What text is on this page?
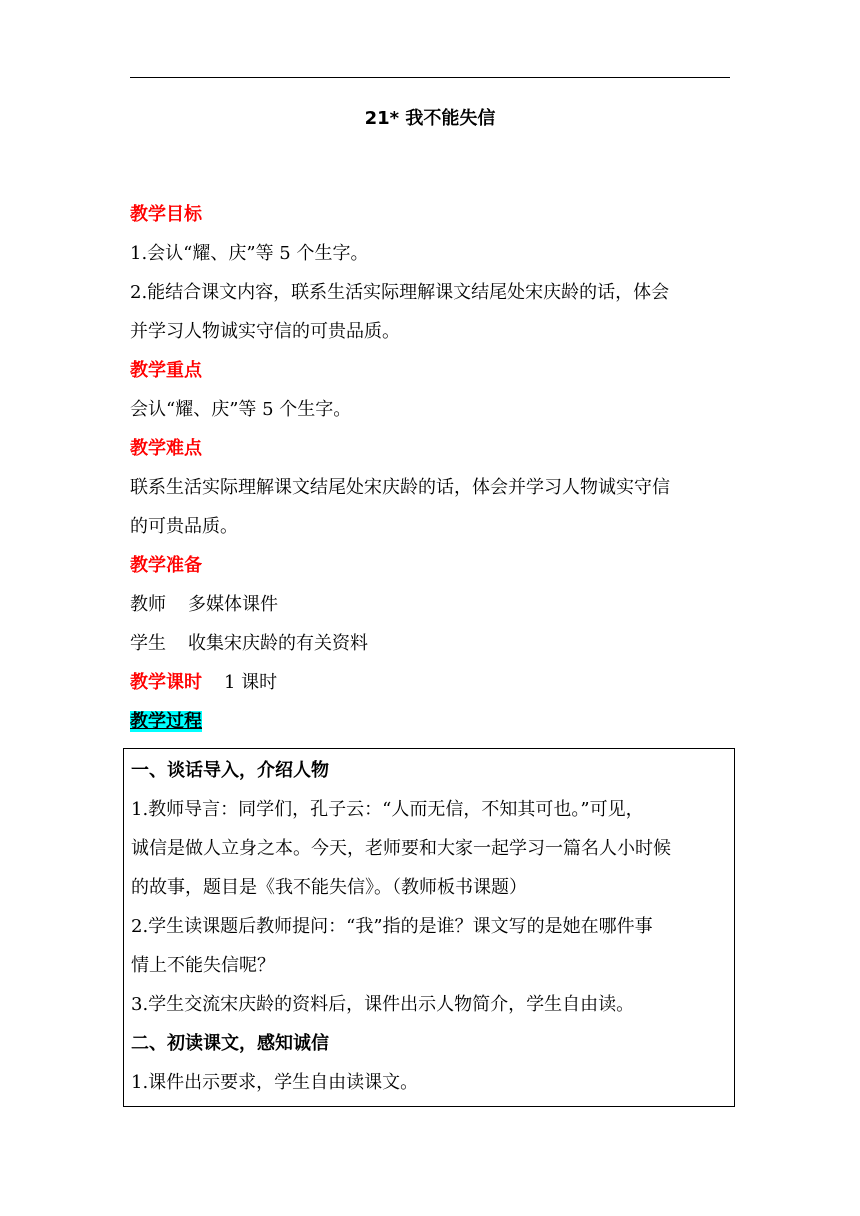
21* 我不能失信
教学目标
1.会认“耀、庆”等 5 个生字。
2.能结合课文内容，联系生活实际理解课文结尾处宋庆龄的话，体会
并学习人物诚实守信的可贵品质。
教学重点
会认“耀、庆”等 5 个生字。
教学难点
联系生活实际理解课文结尾处宋庆龄的话，体会并学习人物诚实守信
的可贵品质。
教学准备
教师 多媒体课件
学生 收集宋庆龄的有关资料
教学课时 1 课时
教学过程
一、谈话导入，介绍人物
1.教师导言：同学们，孔子云：“人而无信，不知其可也。”可见，
诚信是做人立身之本。今天，老师要和大家一起学习一篇名人小时候
的故事，题目是《我不能失信》。（教师板书课题）
2.学生读课题后教师提问：“我”指的是谁？课文写的是她在哪件事
情上不能失信呢？
3.学生交流宋庆龄的资料后，课件出示人物简介，学生自由读。
二、初读课文，感知诚信
1.课件出示要求，学生自由读课文。
